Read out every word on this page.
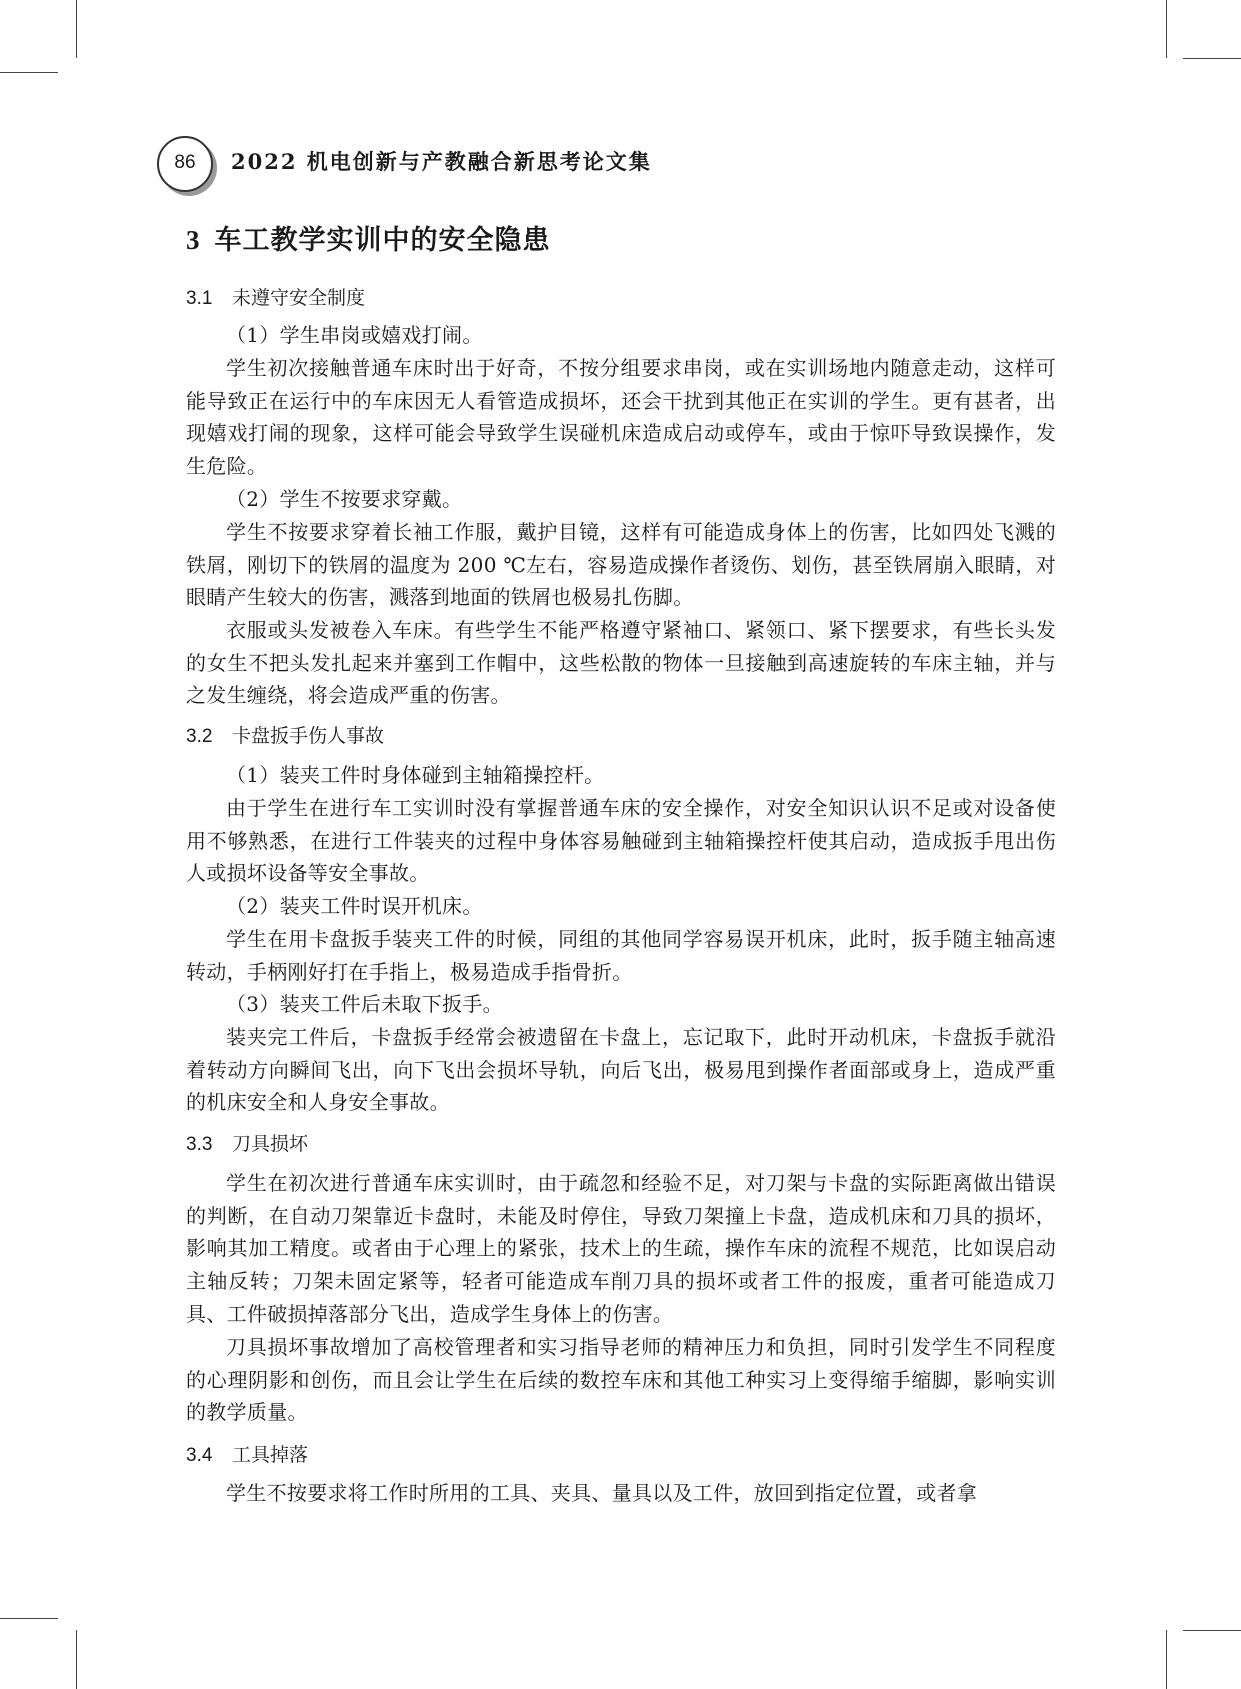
86	2022 机电创新与产教融合新思考论文集
3 车工教学实训中的安全隐患
3.1 未遵守安全制度
（1）学生串岗或嬉戏打闹。
学生初次接触普通车床时出于好奇，不按分组要求串岗，或在实训场地内随意走动，这样可能导致正在运行中的车床因无人看管造成损坏，还会干扰到其他正在实训的学生。更有甚者，出现嬉戏打闹的现象，这样可能会导致学生误碰机床造成启动或停车，或由于惊吓导致误操作，发生危险。
（2）学生不按要求穿戴。
学生不按要求穿着长袖工作服，戴护目镜，这样有可能造成身体上的伤害，比如四处飞溅的铁屑，刚切下的铁屑的温度为 200 ℃左右，容易造成操作者烫伤、划伤，甚至铁屑崩入眼睛，对眼睛产生较大的伤害，溅落到地面的铁屑也极易扎伤脚。
衣服或头发被卷入车床。有些学生不能严格遵守紧袖口、紧领口、紧下摆要求，有些长头发的女生不把头发扎起来并塞到工作帽中，这些松散的物体一旦接触到高速旋转的车床主轴，并与之发生缠绕，将会造成严重的伤害。
3.2 卡盘扳手伤人事故
（1）装夹工件时身体碰到主轴箱操控杆。
由于学生在进行车工实训时没有掌握普通车床的安全操作，对安全知识认识不足或对设备使用不够熟悉，在进行工件装夹的过程中身体容易触碰到主轴箱操控杆使其启动，造成扳手甩出伤人或损坏设备等安全事故。
（2）装夹工件时误开机床。
学生在用卡盘扳手装夹工件的时候，同组的其他同学容易误开机床，此时，扳手随主轴高速转动，手柄刚好打在手指上，极易造成手指骨折。
（3）装夹工件后未取下扳手。
装夹完工件后，卡盘扳手经常会被遗留在卡盘上，忘记取下，此时开动机床，卡盘扳手就沿着转动方向瞬间飞出，向下飞出会损坏导轨，向后飞出，极易甩到操作者面部或身上，造成严重的机床安全和人身安全事故。
3.3 刀具损坏
学生在初次进行普通车床实训时，由于疏忽和经验不足，对刀架与卡盘的实际距离做出错误的判断，在自动刀架靠近卡盘时，未能及时停住，导致刀架撞上卡盘，造成机床和刀具的损坏，影响其加工精度。或者由于心理上的紧张，技术上的生疏，操作车床的流程不规范，比如误启动主轴反转；刀架未固定紧等，轻者可能造成车削刀具的损坏或者工件的报废，重者可能造成刀具、工件破损掉落部分飞出，造成学生身体上的伤害。
刀具损坏事故增加了高校管理者和实习指导老师的精神压力和负担，同时引发学生不同程度的心理阴影和创伤，而且会让学生在后续的数控车床和其他工种实习上变得缩手缩脚，影响实训的教学质量。
3.4 工具掉落
学生不按要求将工作时所用的工具、夹具、量具以及工件，放回到指定位置，或者拿
